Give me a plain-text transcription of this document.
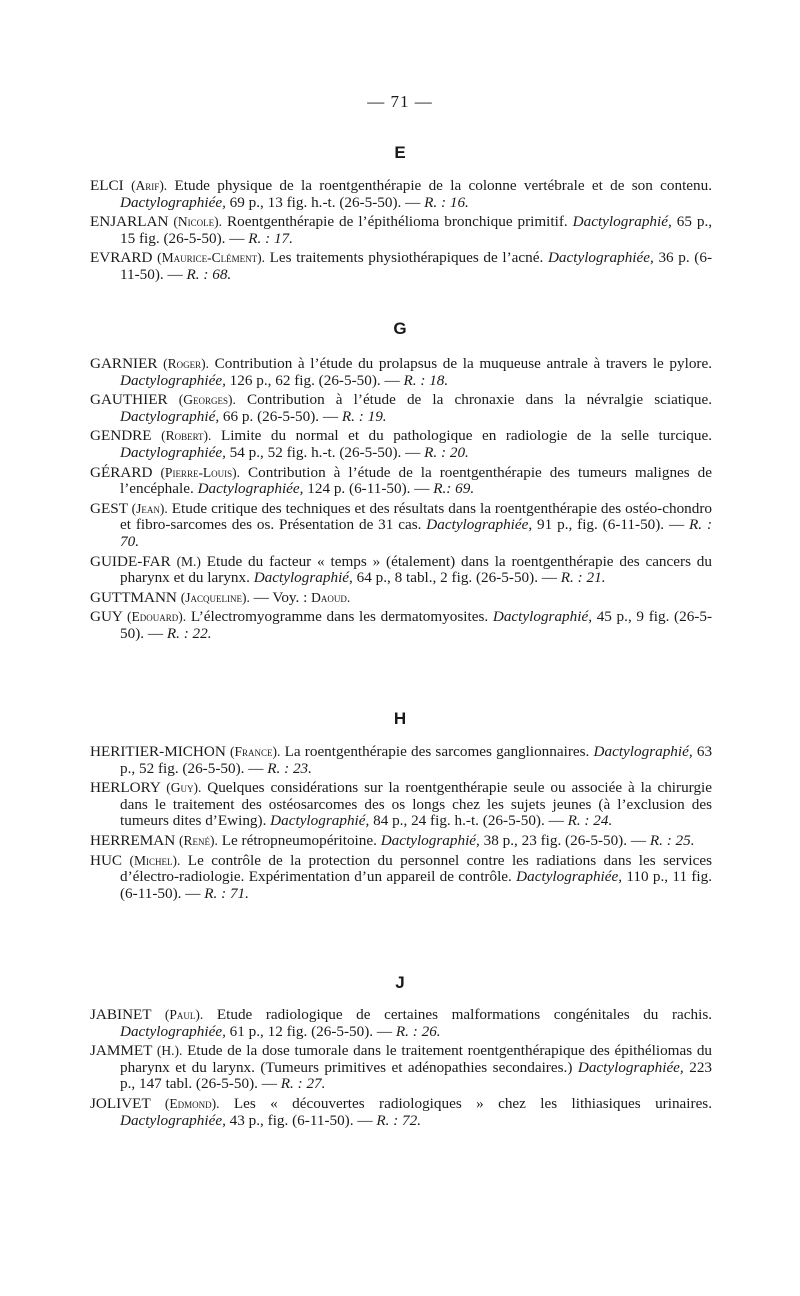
— 71 —
E
ELCI (Arif). Etude physique de la roentgenthérapie de la colonne vertébrale et de son contenu. Dactylographiée, 69 p., 13 fig. h.-t. (26-5-50). — R. : 16.
ENJARLAN (Nicole). Roentgenthérapie de l’épithélioma bronchique primitif. Dactylographié, 65 p., 15 fig. (26-5-50). — R. : 17.
EVRARD (Maurice-Clément). Les traitements physiothérapiques de l’acné. Dactylographiée, 36 p. (6-11-50). — R. : 68.
G
GARNIER (Roger). Contribution à l’étude du prolapsus de la muqueuse antrale à travers le pylore. Dactylographiée, 126 p., 62 fig. (26-5-50). — R. : 18.
GAUTHIER (Georges). Contribution à l’étude de la chronaxie dans la névralgie sciatique. Dactylographié, 66 p. (26-5-50). — R. : 19.
GENDRE (Robert). Limite du normal et du pathologique en radiologie de la selle turcique. Dactylographiée, 54 p., 52 fig. h.-t. (26-5-50). — R. : 20.
GÉRARD (Pierre-Louis). Contribution à l’étude de la roentgenthérapie des tumeurs malignes de l’encéphale. Dactylographiée, 124 p. (6-11-50). — R.: 69.
GEST (Jean). Etude critique des techniques et des résultats dans la roentgenthérapie des ostéo-chondro et fibro-sarcomes des os. Présentation de 31 cas. Dactylographiée, 91 p., fig. (6-11-50). — R. : 70.
GUIDE-FAR (M.) Etude du facteur « temps » (étalement) dans la roentgenthérapie des cancers du pharynx et du larynx. Dactylographié, 64 p., 8 tabl., 2 fig. (26-5-50). — R. : 21.
GUTTMANN (Jacqueline). — Voy. : Daoud.
GUY (Edouard). L’électromyogramme dans les dermatomyosites. Dactylographié, 45 p., 9 fig. (26-5-50). — R. : 22.
H
HERITIER-MICHON (France). La roentgenthérapie des sarcomes ganglionnaires. Dactylographié, 63 p., 52 fig. (26-5-50). — R. : 23.
HERLORY (Guy). Quelques considérations sur la roentgenthérapie seule ou associée à la chirurgie dans le traitement des ostéosarcomes des os longs chez les sujets jeunes (à l’exclusion des tumeurs dites d’Ewing). Dactylographié, 84 p., 24 fig. h.-t. (26-5-50). — R. : 24.
HERREMAN (René). Le rétropneumopéritoine. Dactylographié, 38 p., 23 fig. (26-5-50). — R. : 25.
HUC (Michel). Le contrôle de la protection du personnel contre les radiations dans les services d’électro-radiologie. Expérimentation d’un appareil de contrôle. Dactylographiée, 110 p., 11 fig. (6-11-50). — R. : 71.
J
JABINET (Paul). Etude radiologique de certaines malformations congénitales du rachis. Dactylographiée, 61 p., 12 fig. (26-5-50). — R. : 26.
JAMMET (H.). Etude de la dose tumorale dans le traitement roentgenthérapique des épithéliomas du pharynx et du larynx. (Tumeurs primitives et adénopathies secondaires.) Dactylographiée, 223 p., 147 tabl. (26-5-50). — R. : 27.
JOLIVET (Edmond). Les « découvertes radiologiques » chez les lithiasiques urinaires. Dactylographiée, 43 p., fig. (6-11-50). — R. : 72.
